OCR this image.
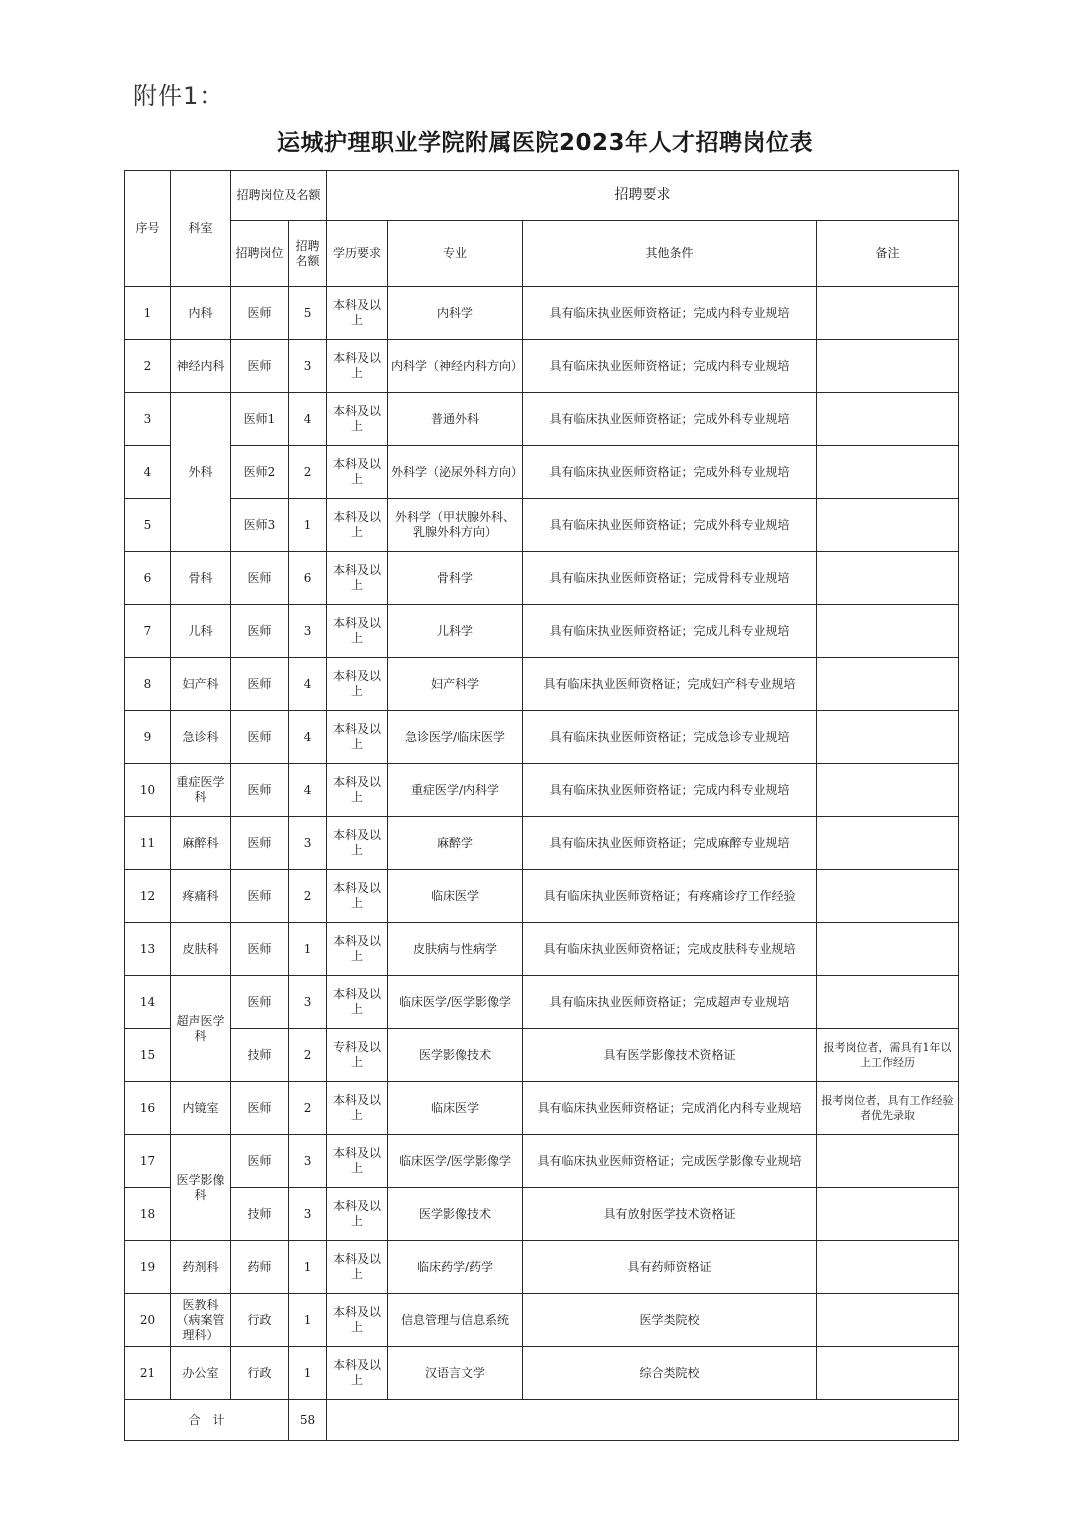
附件1：
运城护理职业学院附属医院2023年人才招聘岗位表
序号	科室	招聘岗位及名额		招聘要求			
		招聘岗位	招聘名额	学历要求	专业	其他条件	备注
1	内科	医师	5	本科及以上	内科学	具有临床执业医师资格证；完成内科专业规培	
2	神经内科	医师	3	本科及以上	内科学（神经内科方向）	具有临床执业医师资格证；完成内科专业规培	
3	外科	医师1	4	本科及以上	普通外科	具有临床执业医师资格证；完成外科专业规培	
4		医师2	2	本科及以上	外科学（泌尿外科方向）	具有临床执业医师资格证；完成外科专业规培	
5		医师3	1	本科及以上	外科学（甲状腺外科、乳腺外科方向）	具有临床执业医师资格证；完成外科专业规培	
6	骨科	医师	6	本科及以上	骨科学	具有临床执业医师资格证；完成骨科专业规培	
7	儿科	医师	3	本科及以上	儿科学	具有临床执业医师资格证；完成儿科专业规培	
8	妇产科	医师	4	本科及以上	妇产科学	具有临床执业医师资格证；完成妇产科专业规培	
9	急诊科	医师	4	本科及以上	急诊医学/临床医学	具有临床执业医师资格证；完成急诊专业规培	
10	重症医学科	医师	4	本科及以上	重症医学/内科学	具有临床执业医师资格证；完成内科专业规培	
11	麻醉科	医师	3	本科及以上	麻醉学	具有临床执业医师资格证；完成麻醉专业规培	
12	疼痛科	医师	2	本科及以上	临床医学	具有临床执业医师资格证；有疼痛诊疗工作经验	
13	皮肤科	医师	1	本科及以上	皮肤病与性病学	具有临床执业医师资格证；完成皮肤科专业规培	
14	超声医学科	医师	3	本科及以上	临床医学/医学影像学	具有临床执业医师资格证；完成超声专业规培	
15		技师	2	专科及以上	医学影像技术	具有医学影像技术资格证	报考岗位者，需具有1年以上工作经历
16	内镜室	医师	2	本科及以上	临床医学	具有临床执业医师资格证；完成消化内科专业规培	报考岗位者，具有工作经验者优先录取
17	医学影像科	医师	3	本科及以上	临床医学/医学影像学	具有临床执业医师资格证；完成医学影像专业规培	
18		技师	3	本科及以上	医学影像技术	具有放射医学技术资格证	
19	药剂科	药师	1	本科及以上	临床药学/药学	具有药师资格证	
20	医教科（病案管理科）	行政	1	本科及以上	信息管理与信息系统	医学类院校	
21	办公室	行政	1	本科及以上	汉语言文学	综合类院校	
合　计			58				
